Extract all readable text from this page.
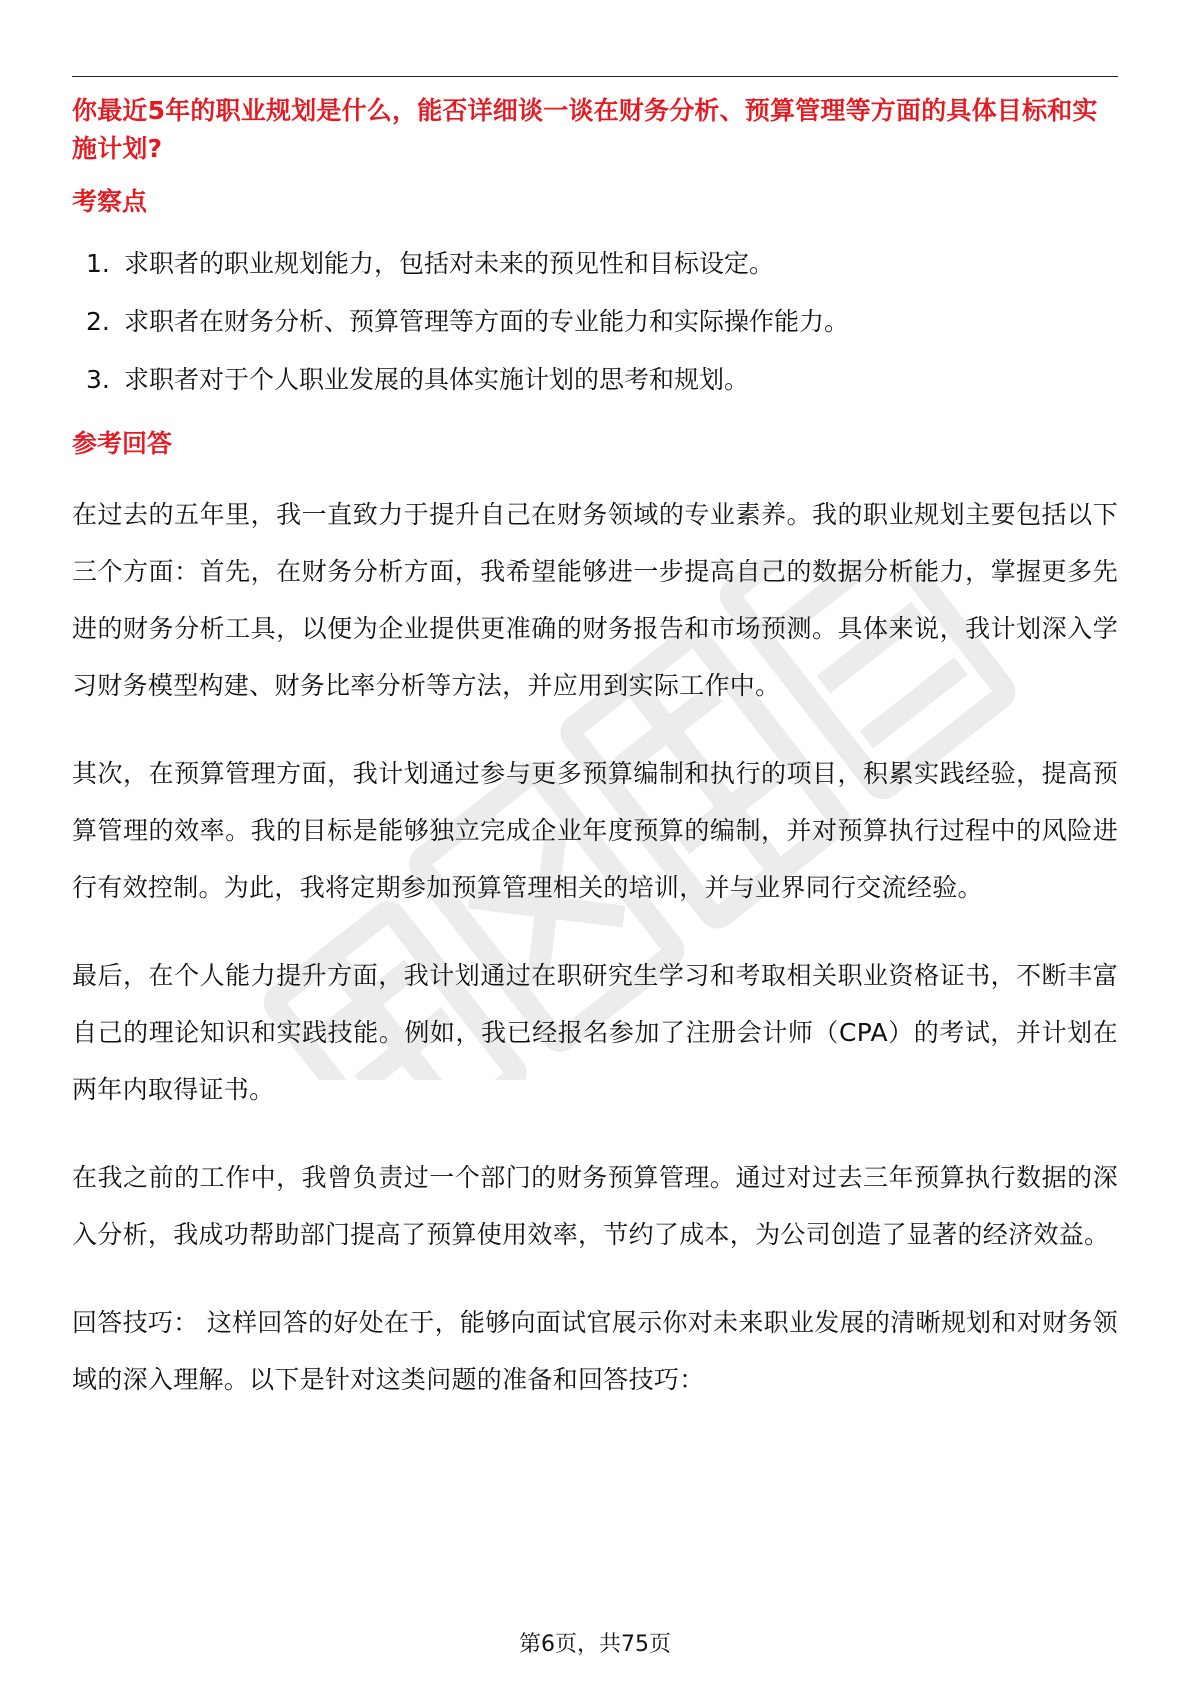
你最近5年的职业规划是什么，能否详细谈一谈在财务分析、预算管理等方面的具体目标和实施计划?

考察点

1. 求职者的职业规划能力，包括对未来的预见性和目标设定。
2. 求职者在财务分析、预算管理等方面的专业能力和实际操作能力。
3. 求职者对于个人职业发展的具体实施计划的思考和规划。

参考回答

在过去的五年里，我一直致力于提升自己在财务领域的专业素养。我的职业规划主要包括以下三个方面：首先，在财务分析方面，我希望能够进一步提高自己的数据分析能力，掌握更多先进的财务分析工具，以便为企业提供更准确的财务报告和市场预测。具体来说，我计划深入学习财务模型构建、财务比率分析等方法，并应用到实际工作中。

其次，在预算管理方面，我计划通过参与更多预算编制和执行的项目，积累实践经验，提高预算管理的效率。我的目标是能够独立完成企业年度预算的编制，并对预算执行过程中的风险进行有效控制。为此，我将定期参加预算管理相关的培训，并与业界同行交流经验。

最后，在个人能力提升方面，我计划通过在职研究生学习和考取相关职业资格证书，不断丰富自己的理论知识和实践技能。例如，我已经报名参加了注册会计师（CPA）的考试，并计划在两年内取得证书。

在我之前的工作中，我曾负责过一个部门的财务预算管理。通过对过去三年预算执行数据的深入分析，我成功帮助部门提高了预算使用效率，节约了成本，为公司创造了显著的经济效益。

回答技巧： 这样回答的好处在于，能够向面试官展示你对未来职业发展的清晰规划和对财务领域的深入理解。以下是针对这类问题的准备和回答技巧：

第6页，共75页
